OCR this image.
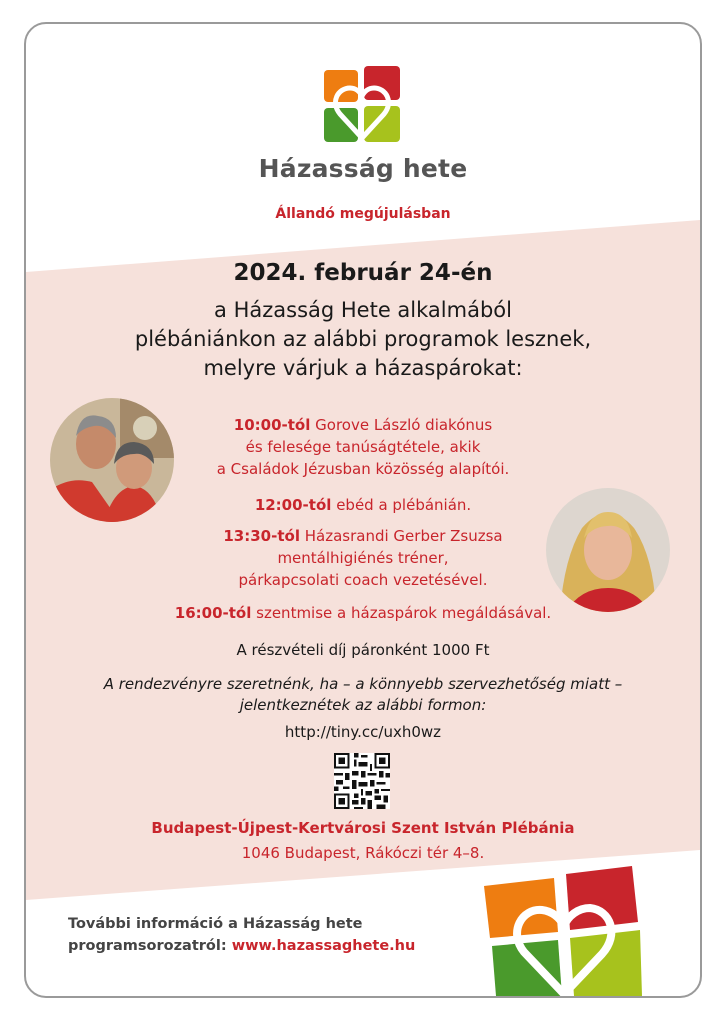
Házasság hete
Állandó megújulásban
2024. február 24-én
a Házasság Hete alkalmából
plébániánkon az alábbi programok lesznek,
melyre várjuk a házaspárokat:
10:00-tól Gorove László diakónus
és felesége tanúságtétele, akik
a Családok Jézusban közösség alapítói.
12:00-tól ebéd a plébánián.
13:30-tól Házasrandi Gerber Zsuzsa
mentálhigiénés tréner,
párkapcsolati coach vezetésével.
16:00-tól szentmise a házaspárok megáldásával.
A részvételi díj páronként 1000 Ft
A rendezvényre szeretnénk, ha – a könnyebb szervezhetőség miatt –
jelentkeznétek az alábbi formon:
http://tiny.cc/uxh0wz
Budapest-Újpest-Kertvárosi Szent István Plébánia
1046 Budapest, Rákóczi tér 4–8.
További információ a Házasság hete
programsorozatról: www.hazassaghete.hu
